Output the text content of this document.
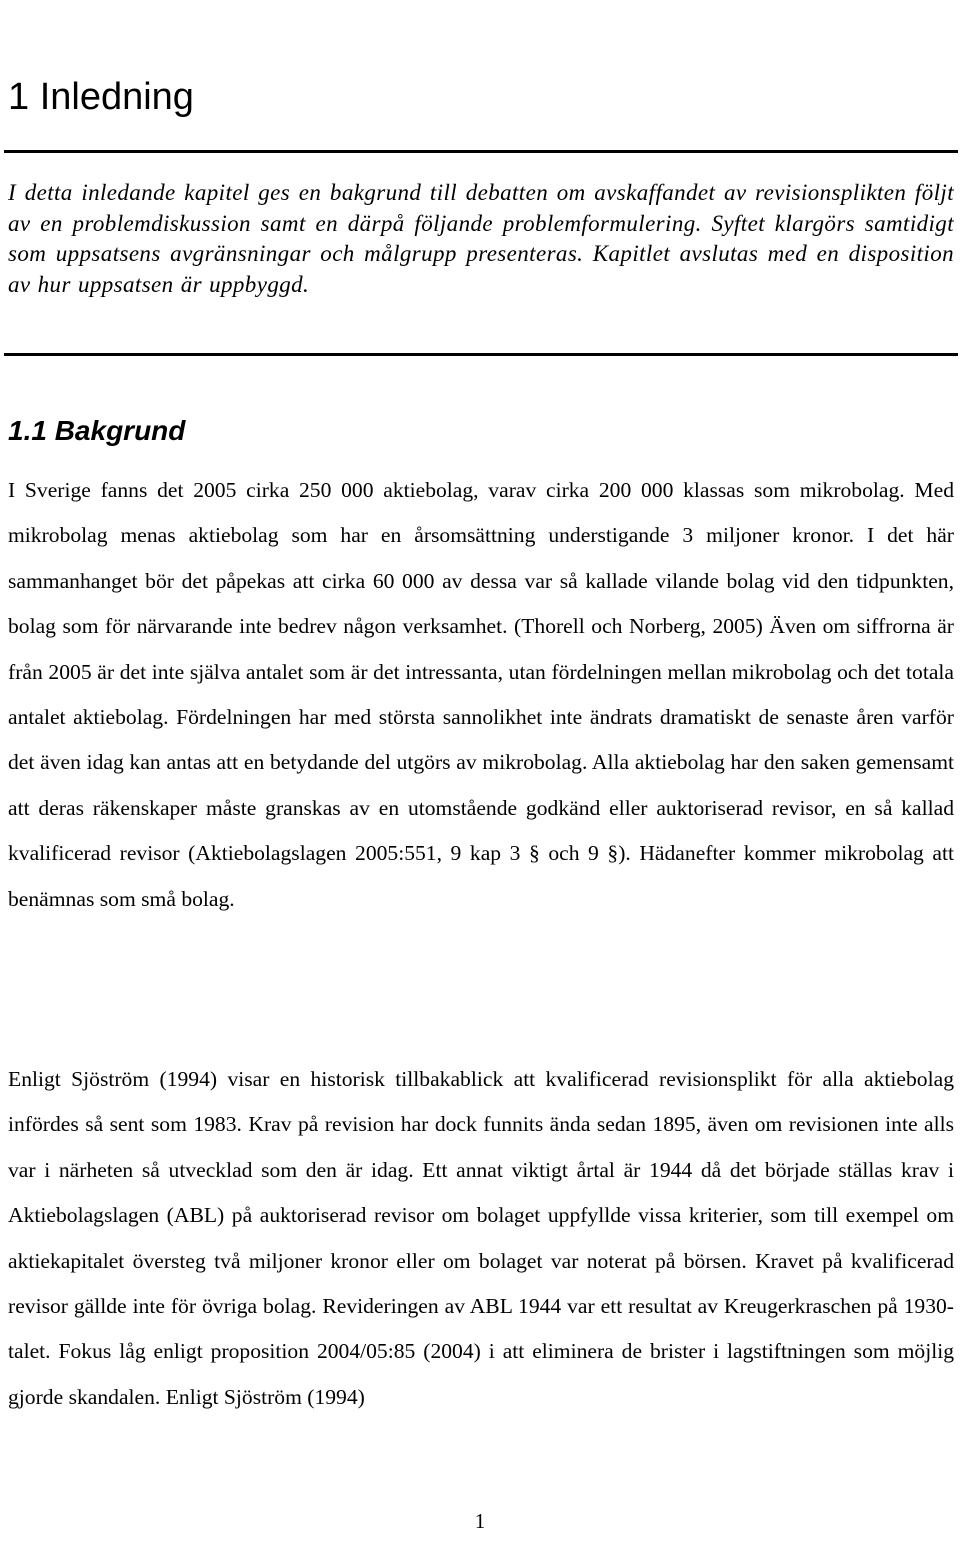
1 Inledning

I detta inledande kapitel ges en bakgrund till debatten om avskaffandet av revisionsplikten följt av en problemdiskussion samt en därpå följande problemformulering. Syftet klargörs samtidigt som uppsatsens avgränsningar och målgrupp presenteras. Kapitlet avslutas med en disposition av hur uppsatsen är uppbyggd.

1.1 Bakgrund

I Sverige fanns det 2005 cirka 250 000 aktiebolag, varav cirka 200 000 klassas som mikrobolag. Med mikrobolag menas aktiebolag som har en årsomsättning understigande 3 miljoner kronor. I det här sammanhanget bör det påpekas att cirka 60 000 av dessa var så kallade vilande bolag vid den tidpunkten, bolag som för närvarande inte bedrev någon verksamhet. (Thorell och Norberg, 2005) Även om siffrorna är från 2005 är det inte själva antalet som är det intressanta, utan fördelningen mellan mikrobolag och det totala antalet aktiebolag. Fördelningen har med största sannolikhet inte ändrats dramatiskt de senaste åren varför det även idag kan antas att en betydande del utgörs av mikrobolag. Alla aktiebolag har den saken gemensamt att deras räkenskaper måste granskas av en utomstående godkänd eller auktoriserad revisor, en så kallad kvalificerad revisor (Aktiebolagslagen 2005:551, 9 kap 3 § och 9 §). Hädanefter kommer mikrobolag att benämnas som små bolag.

Enligt Sjöström (1994) visar en historisk tillbakablick att kvalificerad revisionsplikt för alla aktiebolag infördes så sent som 1983. Krav på revision har dock funnits ända sedan 1895, även om revisionen inte alls var i närheten så utvecklad som den är idag. Ett annat viktigt årtal är 1944 då det började ställas krav i Aktiebolagslagen (ABL) på auktoriserad revisor om bolaget uppfyllde vissa kriterier, som till exempel om aktiekapitalet översteg två miljoner kronor eller om bolaget var noterat på börsen. Kravet på kvalificerad revisor gällde inte för övriga bolag. Revideringen av ABL 1944 var ett resultat av Kreugerkraschen på 1930-talet. Fokus låg enligt proposition 2004/05:85 (2004) i att eliminera de brister i lagstiftningen som möjlig gjorde skandalen. Enligt Sjöström (1994)

1
